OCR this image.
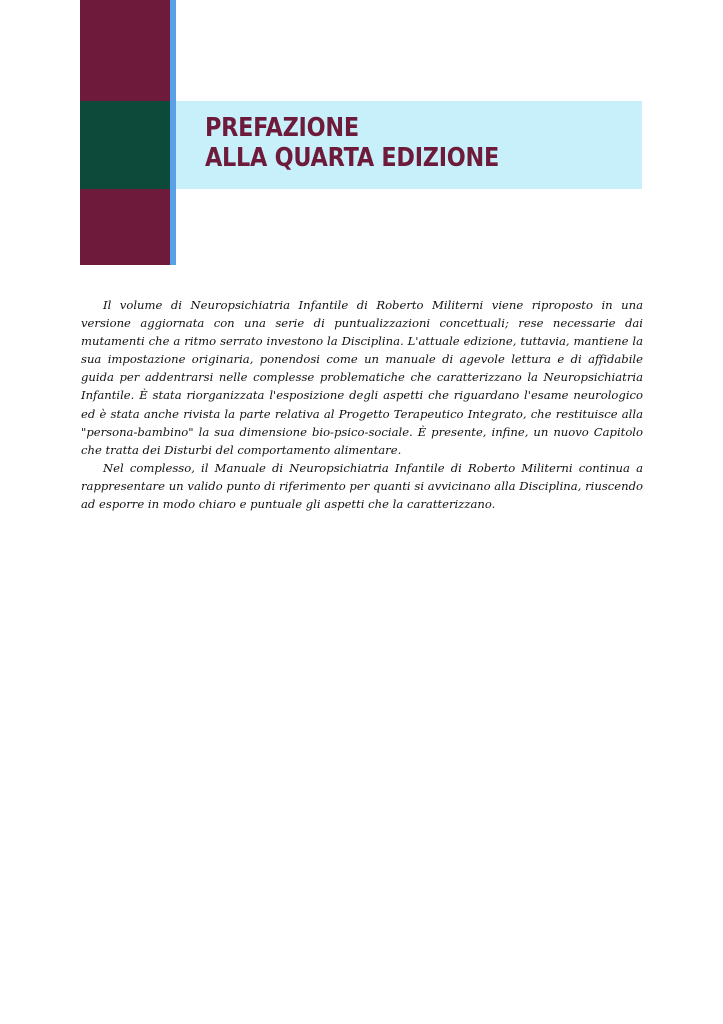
PREFAZIONE
ALLA QUARTA EDIZIONE

Il volume di Neuropsichiatria Infantile di Roberto Militerni viene riproposto in una versione aggiornata con una serie di puntualizzazioni concettuali; rese necessarie dai mutamenti che a ritmo serrato investono la Disciplina. L'attuale edizione, tuttavia, mantiene la sua impostazione originaria, ponendosi come un manuale di agevole lettura e di affidabile guida per addentrarsi nelle complesse problematiche che caratterizzano la Neuropsichiatria Infantile. È stata riorganizzata l'esposizione degli aspetti che riguardano l'esame neurologico ed è stata anche rivista la parte relativa al Progetto Terapeutico Integrato, che restituisce alla "persona-bambino" la sua dimensione bio-psico-sociale. È presente, infine, un nuovo Capitolo che tratta dei Disturbi del comportamento alimentare.

Nel complesso, il Manuale di Neuropsichiatria Infantile di Roberto Militerni continua a rappresentare un valido punto di riferimento per quanti si avvicinano alla Disciplina, riuscendo ad esporre in modo chiaro e puntuale gli aspetti che la caratterizzano.
